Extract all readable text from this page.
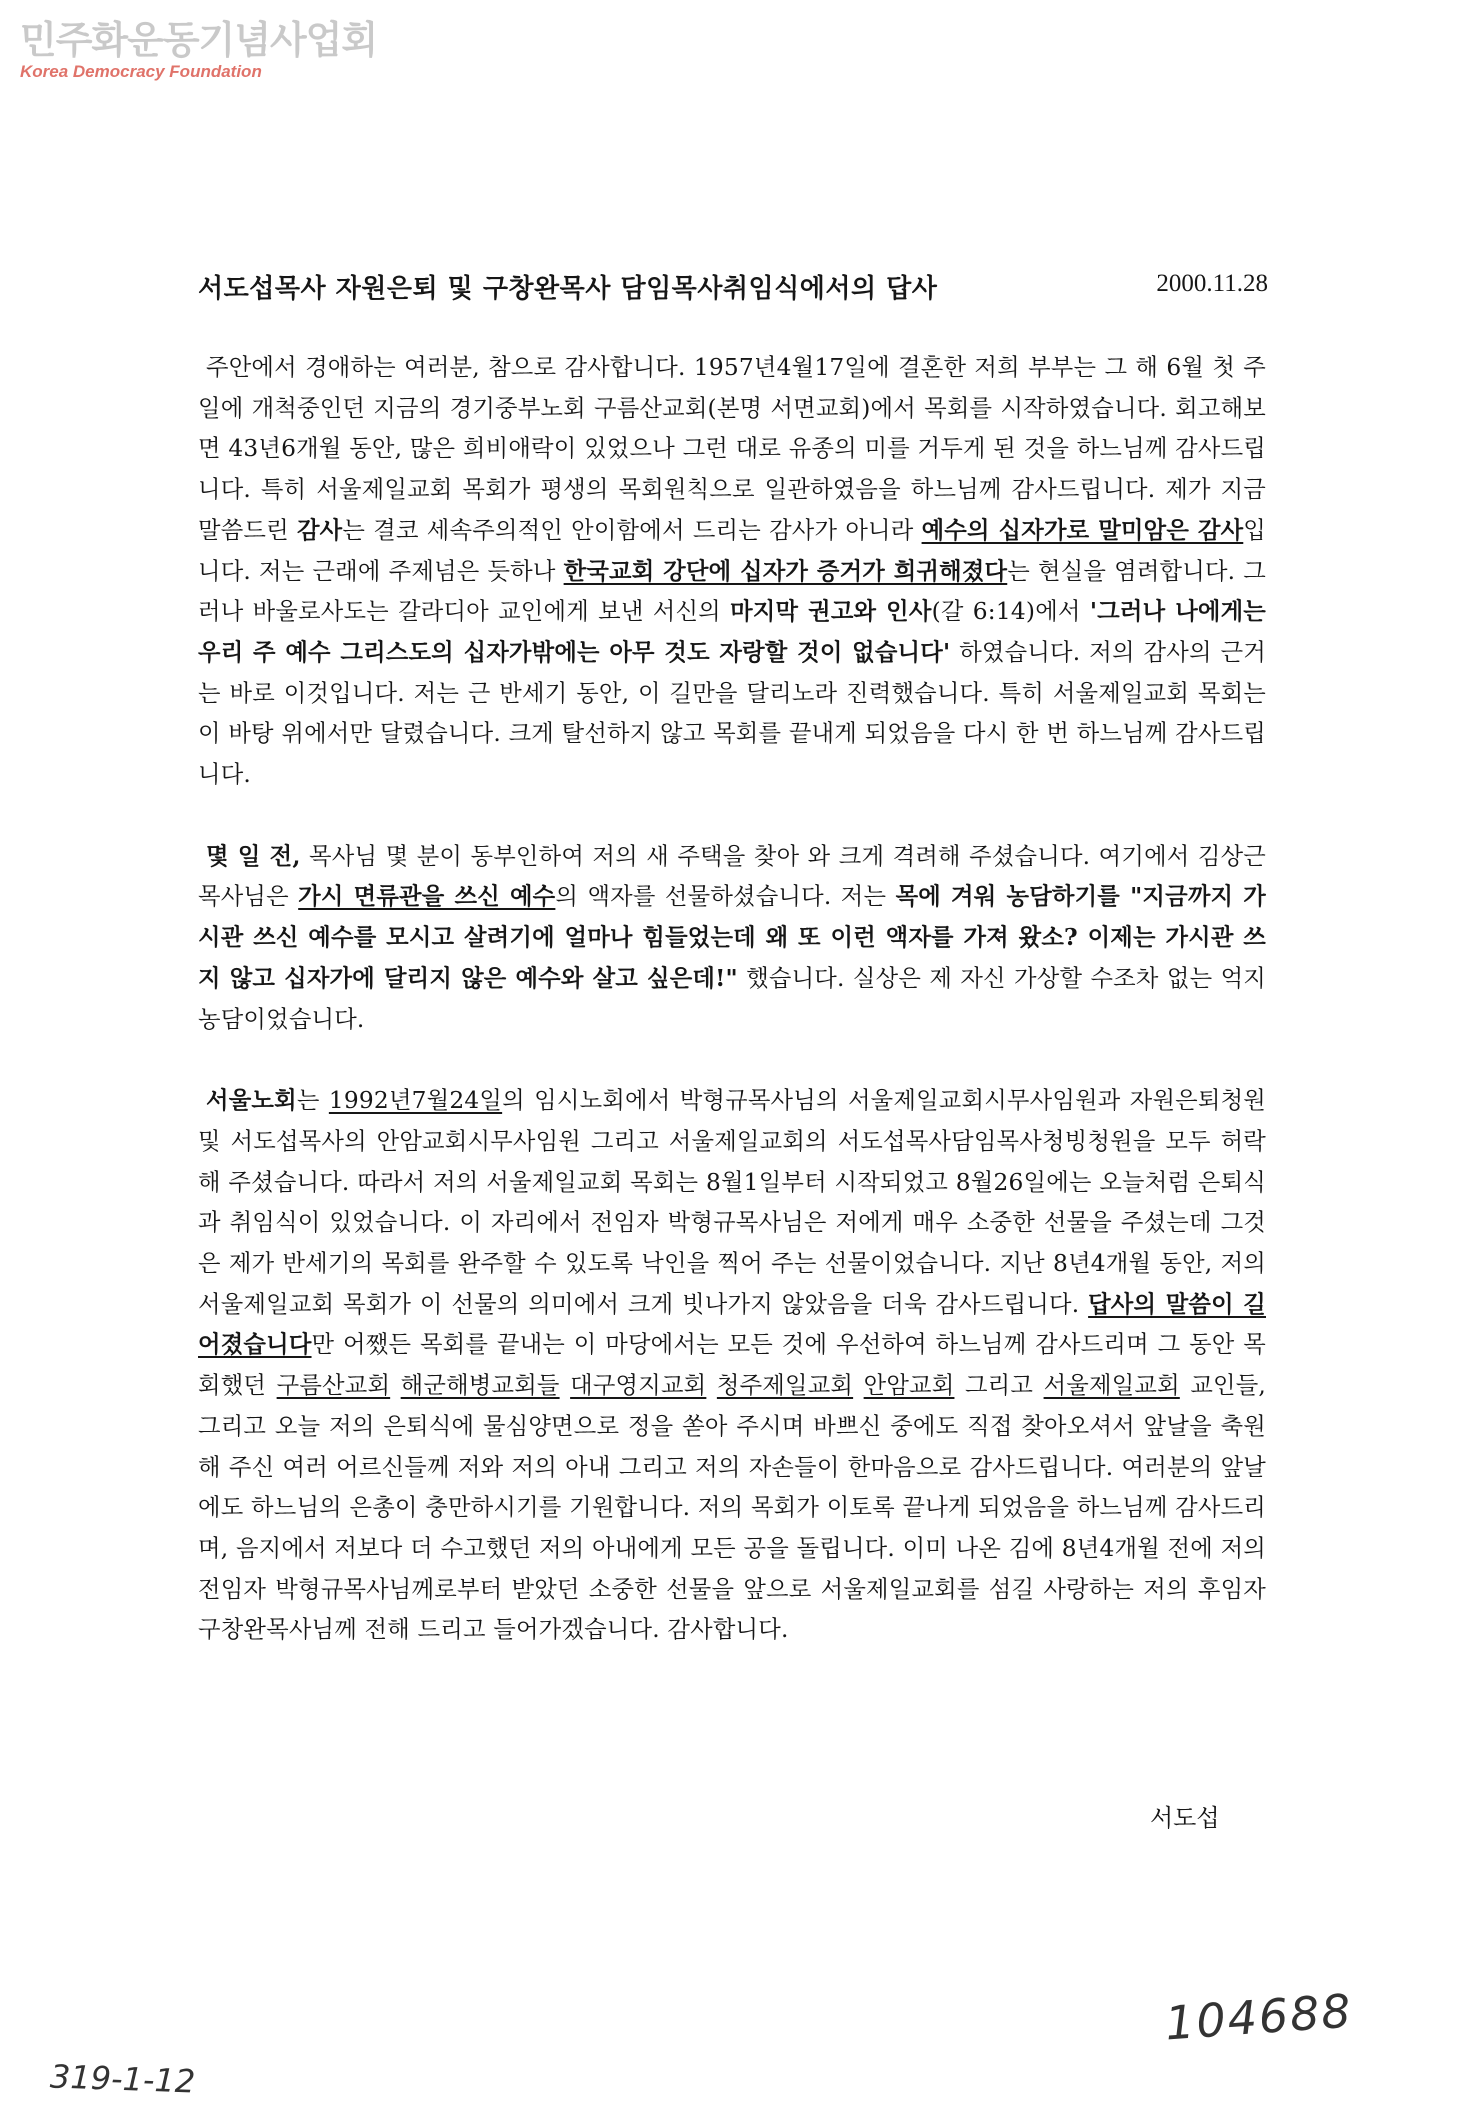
민주화운동기념사업회
Korea Democracy Foundation
서도섭목사 자원은퇴 및 구창완목사 담임목사취임식에서의 답사	2000.11.28

주안에서 경애하는 여러분, 참으로 감사합니다. 1957년4월17일에 결혼한 저희 부부는 그 해 6월 첫 주일에 개척중인던 지금의 경기중부노회 구름산교회(본명 서면교회)에서 목회를 시작하였습니다. 회고해보면 43년6개월 동안, 많은 희비애락이 있었으나 그런 대로 유종의 미를 거두게 된 것을 하느님께 감사드립니다. 특히 서울제일교회 목회가 평생의 목회원칙으로 일관하였음을 하느님께 감사드립니다. 제가 지금 말씀드린 감사는 결코 세속주의적인 안이함에서 드리는 감사가 아니라 예수의 십자가로 말미암은 감사입니다. 저는 근래에 주제넘은 듯하나 한국교회 강단에 십자가 증거가 희귀해졌다는 현실을 염려합니다. 그러나 바울로사도는 갈라디아 교인에게 보낸 서신의 마지막 권고와 인사(갈 6:14)에서 '그러나 나에게는 우리 주 예수 그리스도의 십자가밖에는 아무 것도 자랑할 것이 없습니다' 하였습니다. 저의 감사의 근거는 바로 이것입니다. 저는 근 반세기 동안, 이 길만을 달리노라 진력했습니다. 특히 서울제일교회 목회는 이 바탕 위에서만 달렸습니다. 크게 탈선하지 않고 목회를 끝내게 되었음을 다시 한 번 하느님께 감사드립니다.

몇 일 전, 목사님 몇 분이 동부인하여 저의 새 주택을 찾아 와 크게 격려해 주셨습니다. 여기에서 김상근목사님은 가시 면류관을 쓰신 예수의 액자를 선물하셨습니다. 저는 목에 겨워 농담하기를 "지금까지 가시관 쓰신 예수를 모시고 살려기에 얼마나 힘들었는데 왜 또 이런 액자를 가져 왔소? 이제는 가시관 쓰지 않고 십자가에 달리지 않은 예수와 살고 싶은데!" 했습니다. 실상은 제 자신 가상할 수조차 없는 억지 농담이었습니다.

서울노회는 1992년7월24일의 임시노회에서 박형규목사님의 서울제일교회시무사임원과 자원은퇴청원 및 서도섭목사의 안암교회시무사임원 그리고 서울제일교회의 서도섭목사담임목사청빙청원을 모두 허락해 주셨습니다. 따라서 저의 서울제일교회 목회는 8월1일부터 시작되었고 8월26일에는 오늘처럼 은퇴식과 취임식이 있었습니다. 이 자리에서 전임자 박형규목사님은 저에게 매우 소중한 선물을 주셨는데 그것은 제가 반세기의 목회를 완주할 수 있도록 낙인을 찍어 주는 선물이었습니다. 지난 8년4개월 동안, 저의 서울제일교회 목회가 이 선물의 의미에서 크게 빗나가지 않았음을 더욱 감사드립니다. 답사의 말씀이 길어졌습니다만 어쨌든 목회를 끝내는 이 마당에서는 모든 것에 우선하여 하느님께 감사드리며 그 동안 목회했던 구름산교회 해군해병교회들 대구영지교회 청주제일교회 안암교회 그리고 서울제일교회 교인들, 그리고 오늘 저의 은퇴식에 물심양면으로 정을 쏟아 주시며 바쁘신 중에도 직접 찾아오셔서 앞날을 축원해 주신 여러 어르신들께 저와 저의 아내 그리고 저의 자손들이 한마음으로 감사드립니다. 여러분의 앞날에도 하느님의 은총이 충만하시기를 기원합니다. 저의 목회가 이토록 끝나게 되었음을 하느님께 감사드리며, 음지에서 저보다 더 수고했던 저의 아내에게 모든 공을 돌립니다. 이미 나온 김에 8년4개월 전에 저의 전임자 박형규목사님께로부터 받았던 소중한 선물을 앞으로 서울제일교회를 섬길 사랑하는 저의 후임자 구창완목사님께 전해 드리고 들어가겠습니다. 감사합니다.

서도섭
104688
319-1-12
